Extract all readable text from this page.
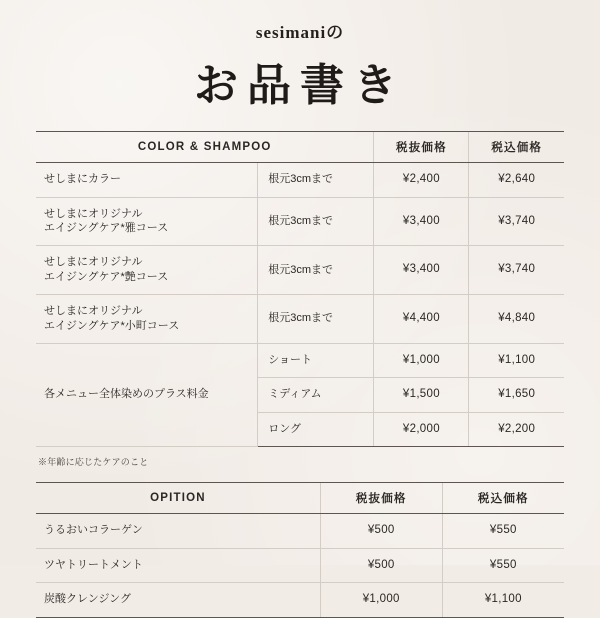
sesimaniの
お品書き
COLOR & SHAMPOO		税抜価格	税込価格
せしまにカラー	根元3cmまで	¥2,400	¥2,640
せしまにオリジナル
エイジングケア*雅コース	根元3cmまで	¥3,400	¥3,740
せしまにオリジナル
エイジングケア*艶コース	根元3cmまで	¥3,400	¥3,740
せしまにオリジナル
エイジングケア*小町コース	根元3cmまで	¥4,400	¥4,840
各メニュー全体染めのプラス料金	ショート	¥1,000	¥1,100
	ミディアム	¥1,500	¥1,650
	ロング	¥2,000	¥2,200
※年齢に応じたケアのこと
OPITION	税抜価格	税込価格
うるおいコラーゲン	¥500	¥550
ツヤトリートメント	¥500	¥550
炭酸クレンジング	¥1,000	¥1,100
